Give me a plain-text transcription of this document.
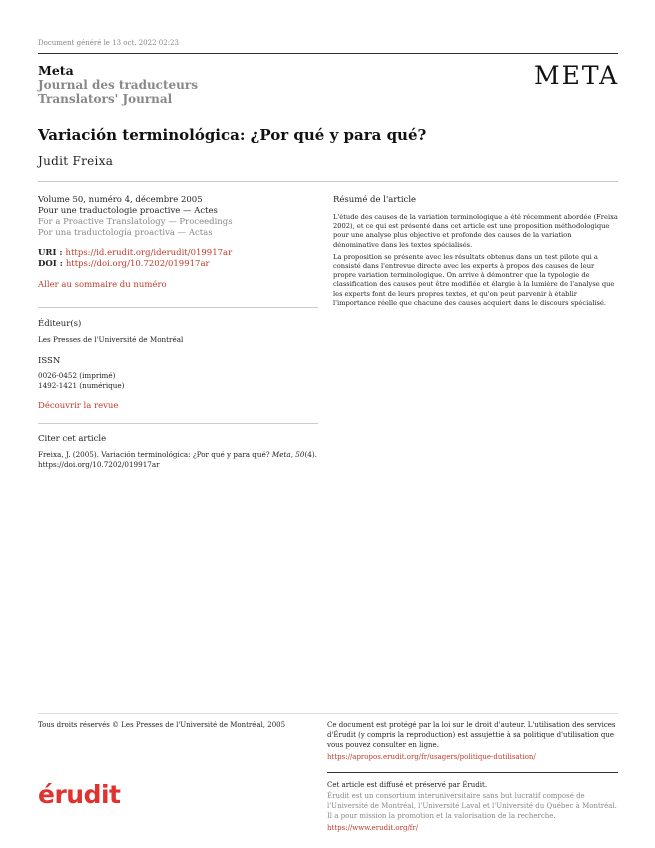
Document généré le 13 oct. 2022 02:23
Meta
Journal des traducteurs
Translators' Journal
MΕTA
Variación terminológica: ¿Por qué y para qué?
Judit Freixa
Volume 50, numéro 4, décembre 2005
Pour une traductologie proactive — Actes
For a Proactive Translatology — Proceedings
Por una traductología proactiva — Actas
URI : https://id.erudit.org/iderudit/019917ar
DOI : https://doi.org/10.7202/019917ar
Aller au sommaire du numéro
Éditeur(s)
Les Presses de l'Université de Montréal
ISSN
0026-0452 (imprimé)
1492-1421 (numérique)
Découvrir la revue
Citer cet article
Freixa, J. (2005). Variación terminológica: ¿Por qué y para qué? Meta, 50(4).
https://doi.org/10.7202/019917ar
Résumé de l'article

L'étude des causes de la variation terminologique a été récemment abordée (Freixa 2002), et ce qui est présenté dans cet article est une proposition méthodologique pour une analyse plus objective et profonde des causes de la variation dénominative dans les textes spécialisés.

La proposition se présente avec les résultats obtenus dans un test pilote qui a consisté dans l'entrevue directe avec les experts à propos des causes de leur propre variation terminologique. On arrive à démontrer que la typologie de classification des causes peut être modifiée et élargie à la lumière de l'analyse que les experts font de leurs propres textes, et qu'on peut parvenir à établir l'importance réelle que chacune des causes acquiert dans le discours spécialisé.

Tous droits réservés © Les Presses de l'Université de Montréal, 2005	Ce document est protégé par la loi sur le droit d'auteur. L'utilisation des services d'Érudit (y compris la reproduction) est assujettie à sa politique d'utilisation que vous pouvez consulter en ligne.
https://apropos.erudit.org/fr/usagers/politique-dutilisation/
érudit	Cet article est diffusé et préservé par Érudit.
Érudit est un consortium interuniversitaire sans but lucratif composé de l'Université de Montréal, l'Université Laval et l'Université du Québec à Montréal. Il a pour mission la promotion et la valorisation de la recherche.
https://www.erudit.org/fr/
